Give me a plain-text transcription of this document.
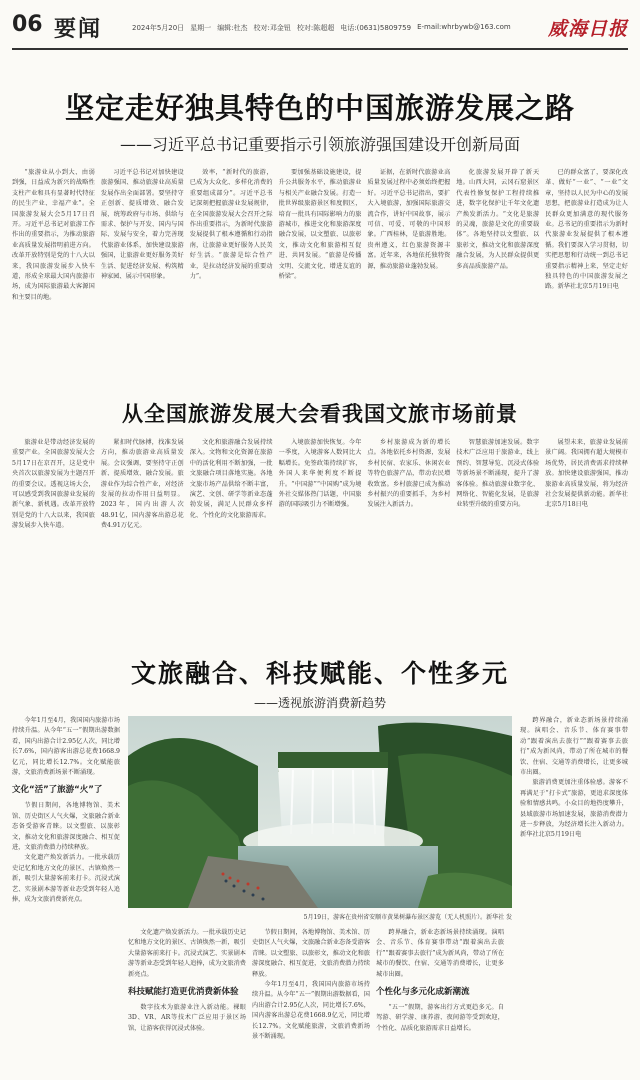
06 要闻	2024年5月20日 星期一 编辑:杜杰 校对:邓金钮 校对:陈超超 电话:(0631)5809759 E-mail:whrbywb@163.com 威海日报
坚定走好独具特色的中国旅游发展之路
——习近平总书记重要指示引领旅游强国建设开创新局面

“旅游业从小到大、由弱到强，日益成为新兴的战略性支柱产业和具有显著时代特征的民生产业、幸福产业”。全国旅游发展大会5月17日召开。习近平总书记对旅游工作作出的重要指示，为推动旅游业高质量发展指明前进方向。改革开放特别是党的十八大以来，我国旅游发展步入快车道，形成全球最大国内旅游市场，成为国际旅游最大客源国和主要目的地。

习近平总书记对加快建设旅游强国、推动旅游业高质量发展作出全面部署。要坚持守正创新、提质增效、融合发展，统筹政府与市场、供给与需求、保护与开发、国内与国际、发展与安全，着力完善现代旅游业体系，加快建设旅游强国，让旅游业更好服务美好生活、促进经济发展、构筑精神家园、展示中国形象。

效率，“新时代的旅游，已成为大众化、多样化消费的重要组成部分”。习近平总书记深刻把握旅游业发展规律，在全国旅游发展大会召开之际作出重要指示，为新时代旅游发展提供了根本遵循和行动指南，让旅游业更好服务人民美好生活。“旅游是综合性产业，是拉动经济发展的重要动力”。

要加强基础设施建设，提升公共服务水平，推动旅游业与相关产业融合发展。打造一批世界级旅游景区和度假区，培育一批具有国际影响力的旅游城市，推进文化和旅游深度融合发展，以文塑旅、以旅彰文，推动文化和旅游相互促进、共同发展。“旅游是传播文明、交流文化、增进友谊的桥梁”。

证据，在新时代旅游业高质量发展过程中必须始终把握好。习近平总书记指出，要扩大入境旅游，加强国际旅游交流合作，讲好中国故事，展示可信、可爱、可敬的中国形象。广西桂林，是旅游胜地。贵州遵义，红色旅游资源丰富。近年来，各地依托独特资源，推动旅游业蓬勃发展。

化旅游发展开辟了新天地。山西大同，云冈石窟景区代表性修复保护工程持续推进，数字化保护让千年文化遗产焕发新活力。“文化是旅游的灵魂，旅游是文化的重要载体”。各地坚持以文塑旅、以旅彰文，推动文化和旅游深度融合发展，为人民群众提供更多高品质旅游产品。

已的群众富了，要深化改革、做好“一业”、“一业”文章，坚持以人民为中心的发展思想，把旅游业打造成为让人民群众更加满意的现代服务业。总书记的重要指示为新时代旅游业发展提供了根本遵循。我们要深入学习贯彻，切实把思想和行动统一到总书记重要指示精神上来，坚定走好独具特色的中国旅游发展之路。新华社北京5月19日电

从全国旅游发展大会看我国文旅市场前景

旅游业是带动经济发展的重要产业。全国旅游发展大会5月17日在京召开，这是党中央首次以旅游发展为主题召开的重要会议。透视这场大会，可以感受到我国旅游业发展的新气象、新机遇。改革开放特别是党的十八大以来，我国旅游发展步入快车道。

紧扣时代脉搏，找准发展方向，推动旅游业高质量发展。会议强调，要坚持守正创新、提质增效、融合发展。旅游业作为综合性产业，对经济发展的拉动作用日益明显。2023年，国内出游人次48.91亿，国内游客出游总花费4.91万亿元。

文化和旅游融合发展持续深入。文物和文化资源在旅游中的活化利用不断加强，一批文旅融合项目落地实施。各地文旅市场产品供给不断丰富，演艺、文创、研学等新业态蓬勃发展，满足人民群众多样化、个性化的文化旅游需求。

入境旅游加快恢复。今年一季度，入境游客人数同比大幅增长。免签政策持续扩容，外国人来华便利度不断提升。“中国游”“中国购”成为境外社交媒体热门话题，中国旅游的国际吸引力不断增强。

乡村旅游成为新的增长点。各地依托乡村资源，发展乡村民宿、农家乐、休闲农业等特色旅游产品，带动农民增收致富。乡村旅游已成为推动乡村振兴的重要抓手，为乡村发展注入新活力。

智慧旅游加速发展。数字技术广泛应用于旅游业，线上预约、智慧导览、沉浸式体验等新场景不断涌现，提升了游客体验。推动旅游业数字化、网络化、智能化发展，是旅游业转型升级的重要方向。

展望未来，旅游业发展前景广阔。我国拥有超大规模市场优势，居民消费需求持续释放。加快建设旅游强国，推动旅游业高质量发展，将为经济社会发展提供新动能。新华社北京5月18日电

文旅融合、科技赋能、个性多元
——透视旅游消费新趋势

今年1月至4月，我国国内旅游市场持续升温。从今年“五一”假期出游数据看，国内出游合计2.95亿人次，同比增长7.6%，国内游客出游总花费1668.9亿元，同比增长12.7%。文化赋能旅游，文旅消费新场景不断涌现。

文化“活”了旅游“火”了

节假日期间，各地博物馆、美术馆、历史街区人气火爆，文旅融合新业态备受游客青睐。以文塑旅、以旅彰文，推动文化和旅游深度融合、相互促进，文旅消费潜力持续释放。

文化遗产焕发新活力。一批承载历史记忆和地方文化的景区、古镇焕然一新，吸引大量游客前来打卡。沉浸式演艺、实景剧本游等新业态受到年轻人追捧，成为文旅消费新亮点。

5月19日，游客在贵州省安顺市黄果树瀑布景区游览（无人机照片）。新华社 发

文化遗产焕发新活力。一批承载历史记忆和地方文化的景区、古镇焕然一新，吸引大量游客前来打卡。沉浸式演艺、实景剧本游等新业态受到年轻人追捧，成为文旅消费新亮点。

科技赋能打造更优消费新体验

数字技术为旅游业注入新动能。裸眼3D、VR、AR等技术广泛应用于景区场馆，让游客获得沉浸式体验。

节假日期间，各地博物馆、美术馆、历史街区人气火爆，文旅融合新业态备受游客青睐。以文塑旅、以旅彰文，推动文化和旅游深度融合、相互促进，文旅消费潜力持续释放。

今年1月至4月，我国国内旅游市场持续升温。从今年“五一”假期出游数据看，国内出游合计2.95亿人次，同比增长7.6%，国内游客出游总花费1668.9亿元，同比增长12.7%。文化赋能旅游，文旅消费新场景不断涌现。

跨界融合，新业态新场景持续涌现。演唱会、音乐节、体育赛事带动“跟着演出去旅行”“跟着赛事去旅行”成为新风尚，带动了所在城市的餐饮、住宿、交通等消费增长，让更多城市出圈。

个性化与多元化成新潮流

“五一”假期，游客出行方式更趋多元。自驾游、研学游、康养游、夜间游等受到欢迎，个性化、品质化旅游需求日益增长。

跨界融合，新业态新场景持续涌现。演唱会、音乐节、体育赛事带动“跟着演出去旅行”“跟着赛事去旅行”成为新风尚，带动了所在城市的餐饮、住宿、交通等消费增长，让更多城市出圈。

旅游消费更加注重体验感。游客不再满足于“打卡式”旅游，更追求深度体验和情感共鸣。小众目的地热度攀升，县域旅游市场加速发展，旅游消费潜力进一步释放，为经济增长注入新动力。新华社北京5月19日电
